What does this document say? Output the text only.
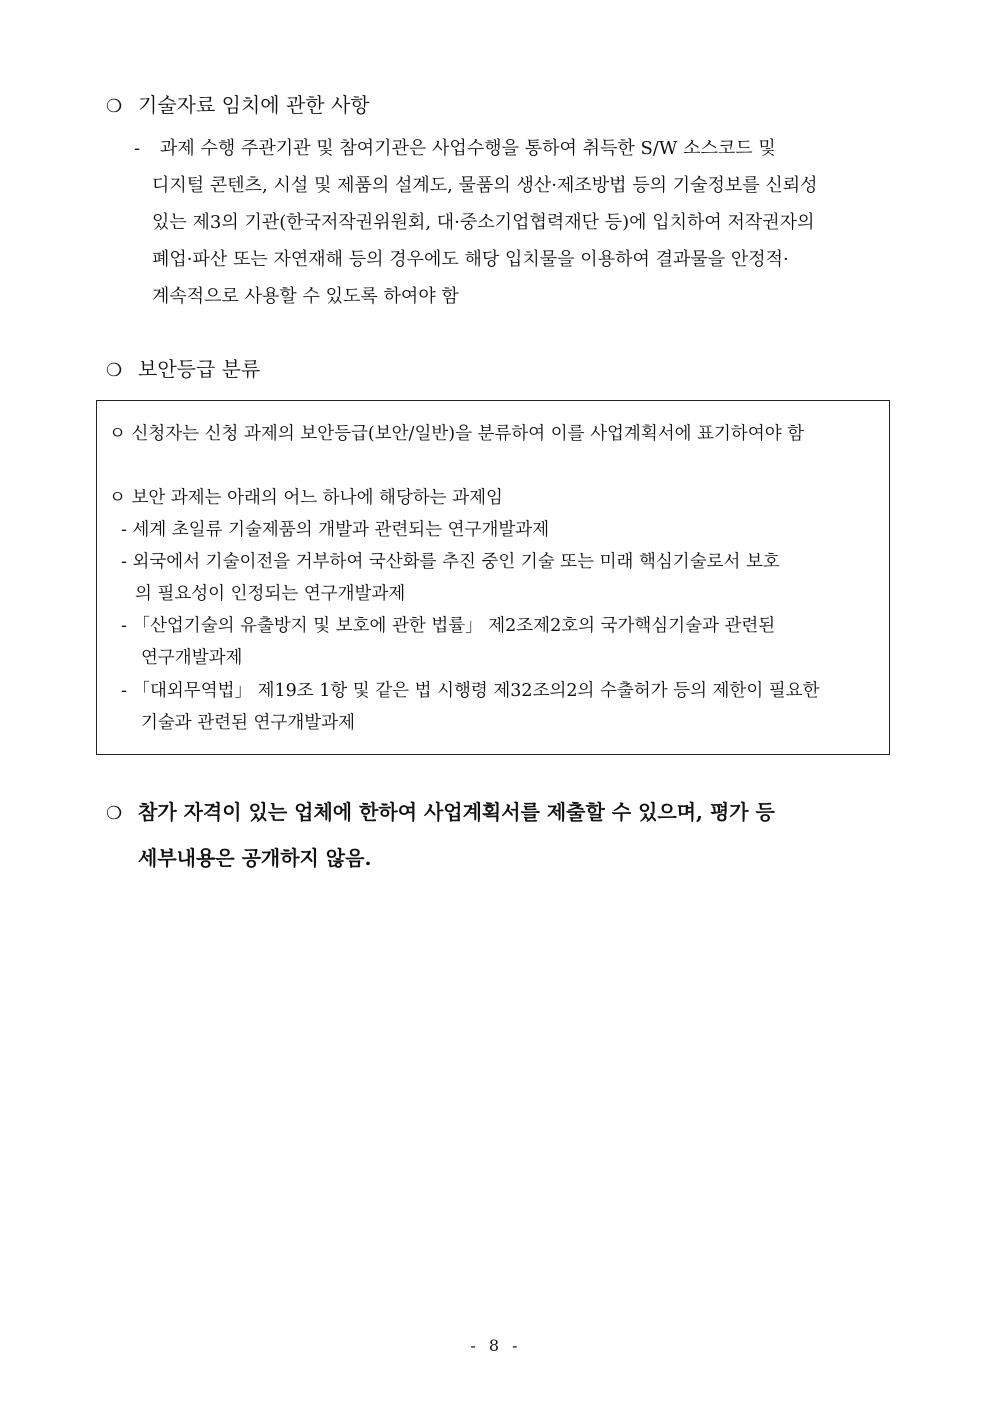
❍ 기술자료 임치에 관한 사항
- 과제 수행 주관기관 및 참여기관은 사업수행을 통하여 취득한 S/W 소스코드 및
디지털 콘텐츠, 시설 및 제품의 설계도, 물품의 생산·제조방법 등의 기술정보를 신뢰성
있는 제3의 기관(한국저작권위원회, 대·중소기업협력재단 등)에 입치하여 저작권자의
폐업·파산 또는 자연재해 등의 경우에도 해당 입치물을 이용하여 결과물을 안정적·
계속적으로 사용할 수 있도록 하여야 함
❍ 보안등급 분류
ㅇ 신청자는 신청 과제의 보안등급(보안/일반)을 분류하여 이를 사업계획서에 표기하여야 함
ㅇ 보안 과제는 아래의 어느 하나에 해당하는 과제임
- 세계 초일류 기술제품의 개발과 관련되는 연구개발과제
- 외국에서 기술이전을 거부하여 국산화를 추진 중인 기술 또는 미래 핵심기술로서 보호
의 필요성이 인정되는 연구개발과제
- 「산업기술의 유출방지 및 보호에 관한 법률」 제2조제2호의 국가핵심기술과 관련된
연구개발과제
- 「대외무역법」 제19조 1항 및 같은 법 시행령 제32조의2의 수출허가 등의 제한이 필요한
기술과 관련된 연구개발과제
❍ 참가 자격이 있는 업체에 한하여 사업계획서를 제출할 수 있으며, 평가 등
세부내용은 공개하지 않음.
- 8 -
